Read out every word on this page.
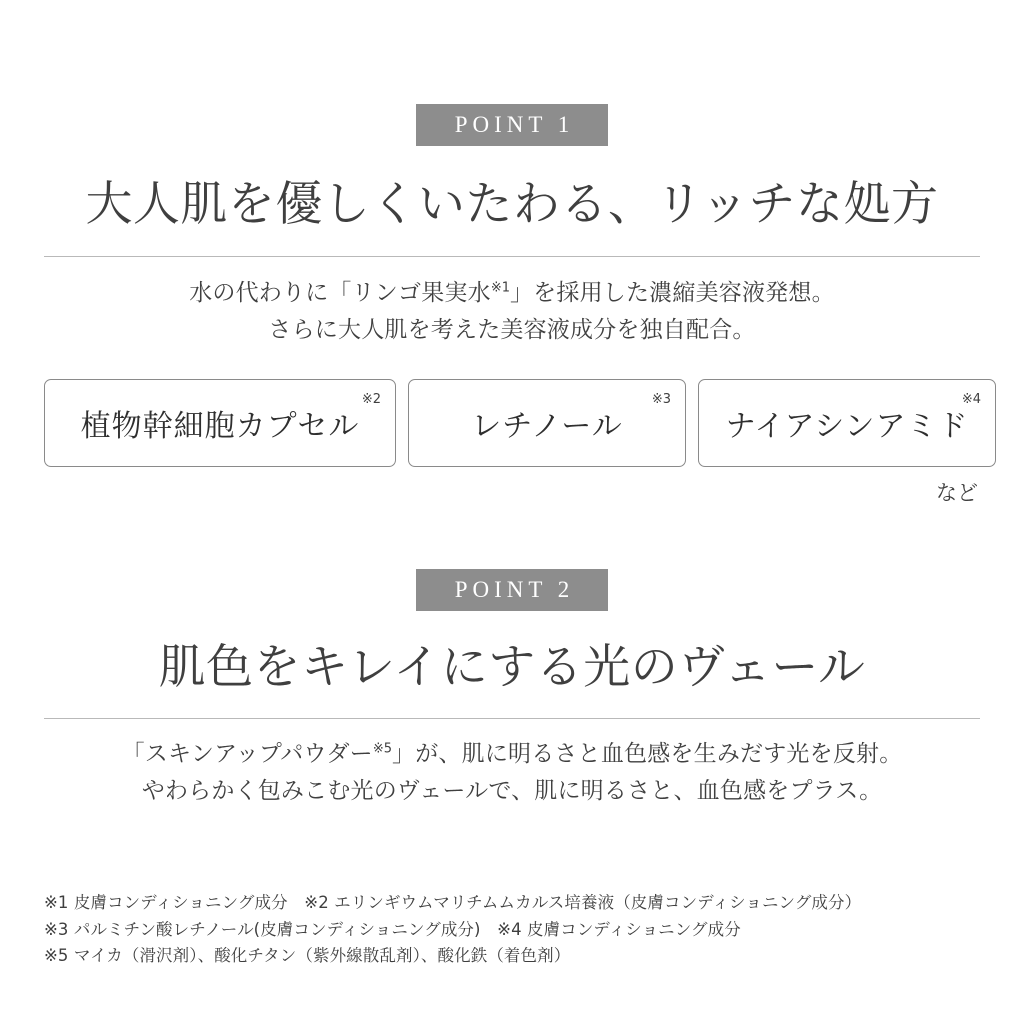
POINT 1
大人肌を優しくいたわる、リッチな処方
水の代わりに「リンゴ果実水$^{※1}$」を採用した濃縮美容液発想。
さらに大人肌を考えた美容液成分を独自配合。
植物幹細胞カプセル
※2
レチノール
※3
ナイアシンアミド
※4
など
POINT 2
肌色をキレイにする光のヴェール
「スキンアップパウダー$^{※5}$」が、肌に明るさと血色感を生みだす光を反射。
やわらかく包みこむ光のヴェールで、肌に明るさと、血色感をプラス。
※1 皮膚コンディショニング成分　※2 エリンギウムマリチムムカルス培養液（皮膚コンディショニング成分）
※3 パルミチン酸レチノール(皮膚コンディショニング成分)　※4 皮膚コンディショニング成分
※5 マイカ（滑沢剤）、酸化チタン（紫外線散乱剤）、酸化鉄（着色剤）
